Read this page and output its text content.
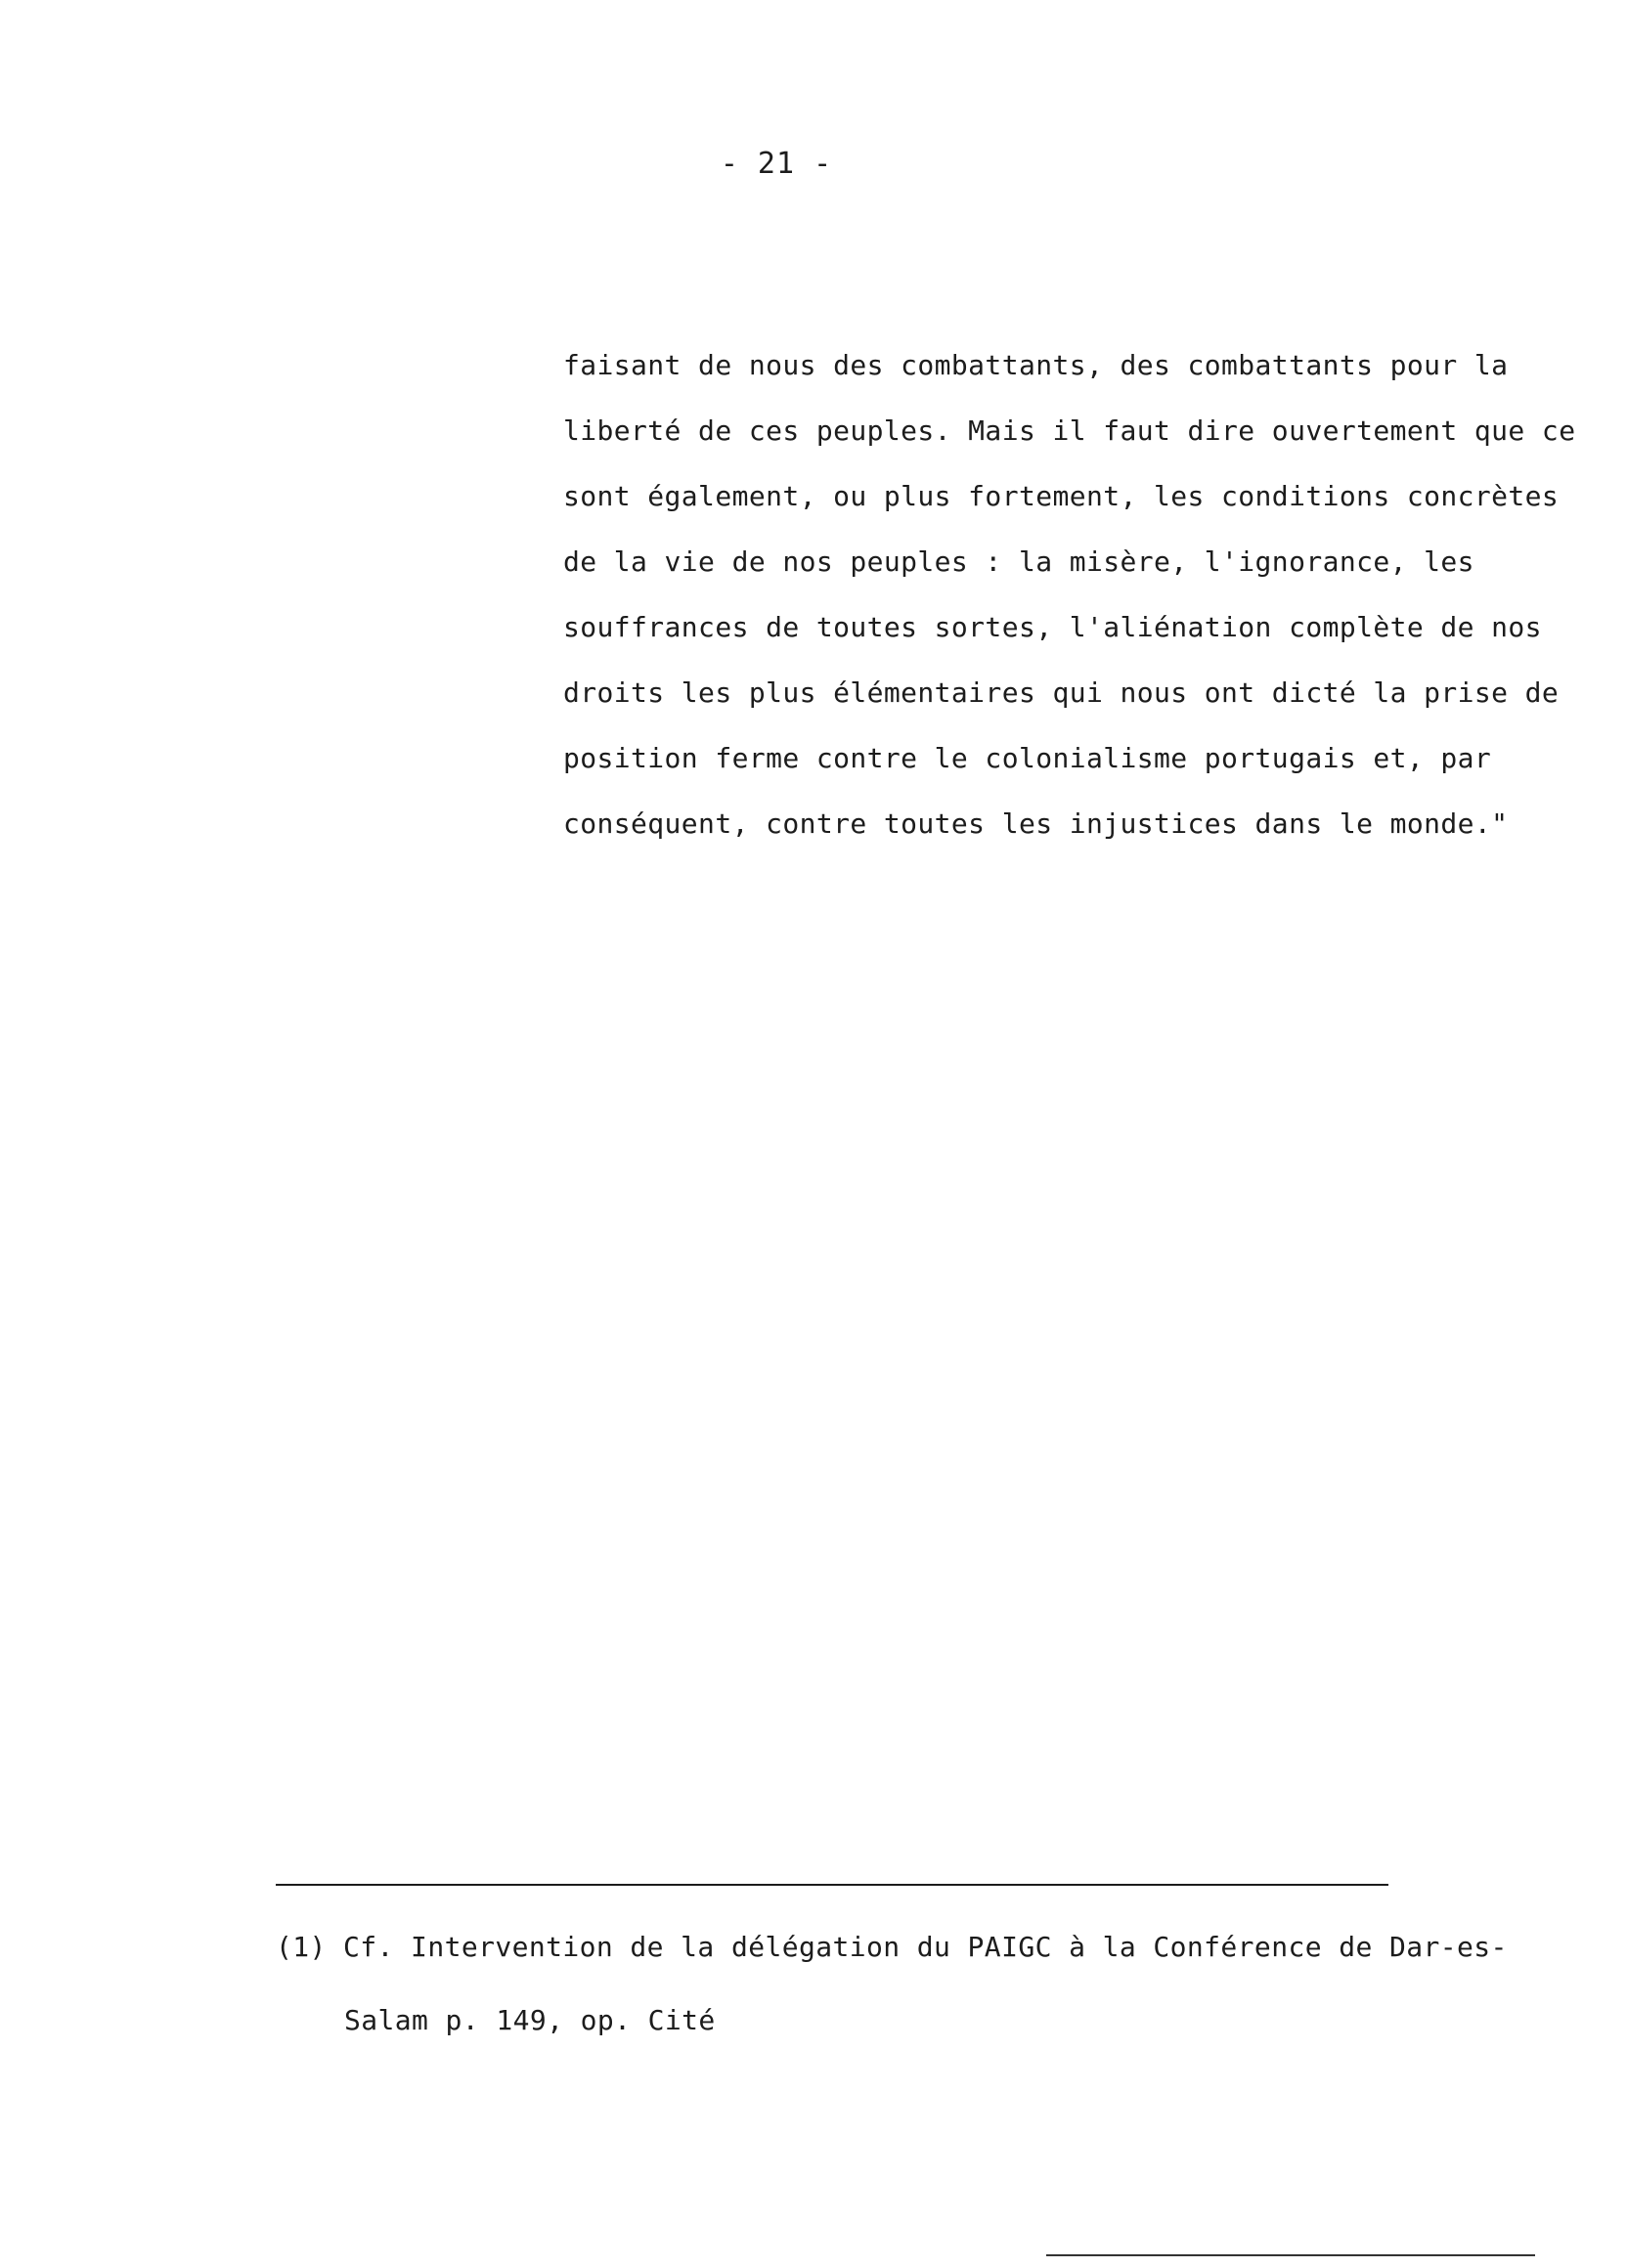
- 21 -
faisant de nous des combattants, des combattants pour la
liberté de ces peuples. Mais il faut dire ouvertement que ce
sont également, ou plus fortement, les conditions concrètes
de la vie de nos peuples : la misère, l'ignorance, les
souffrances de toutes sortes, l'aliénation complète de nos
droits les plus élémentaires qui nous ont dicté la prise de
position ferme contre le colonialisme portugais et, par
conséquent, contre toutes les injustices dans le monde."
(1) Cf. Intervention de la délégation du PAIGC à la Conférence de Dar-es-
Salam p. 149, op. Cité
